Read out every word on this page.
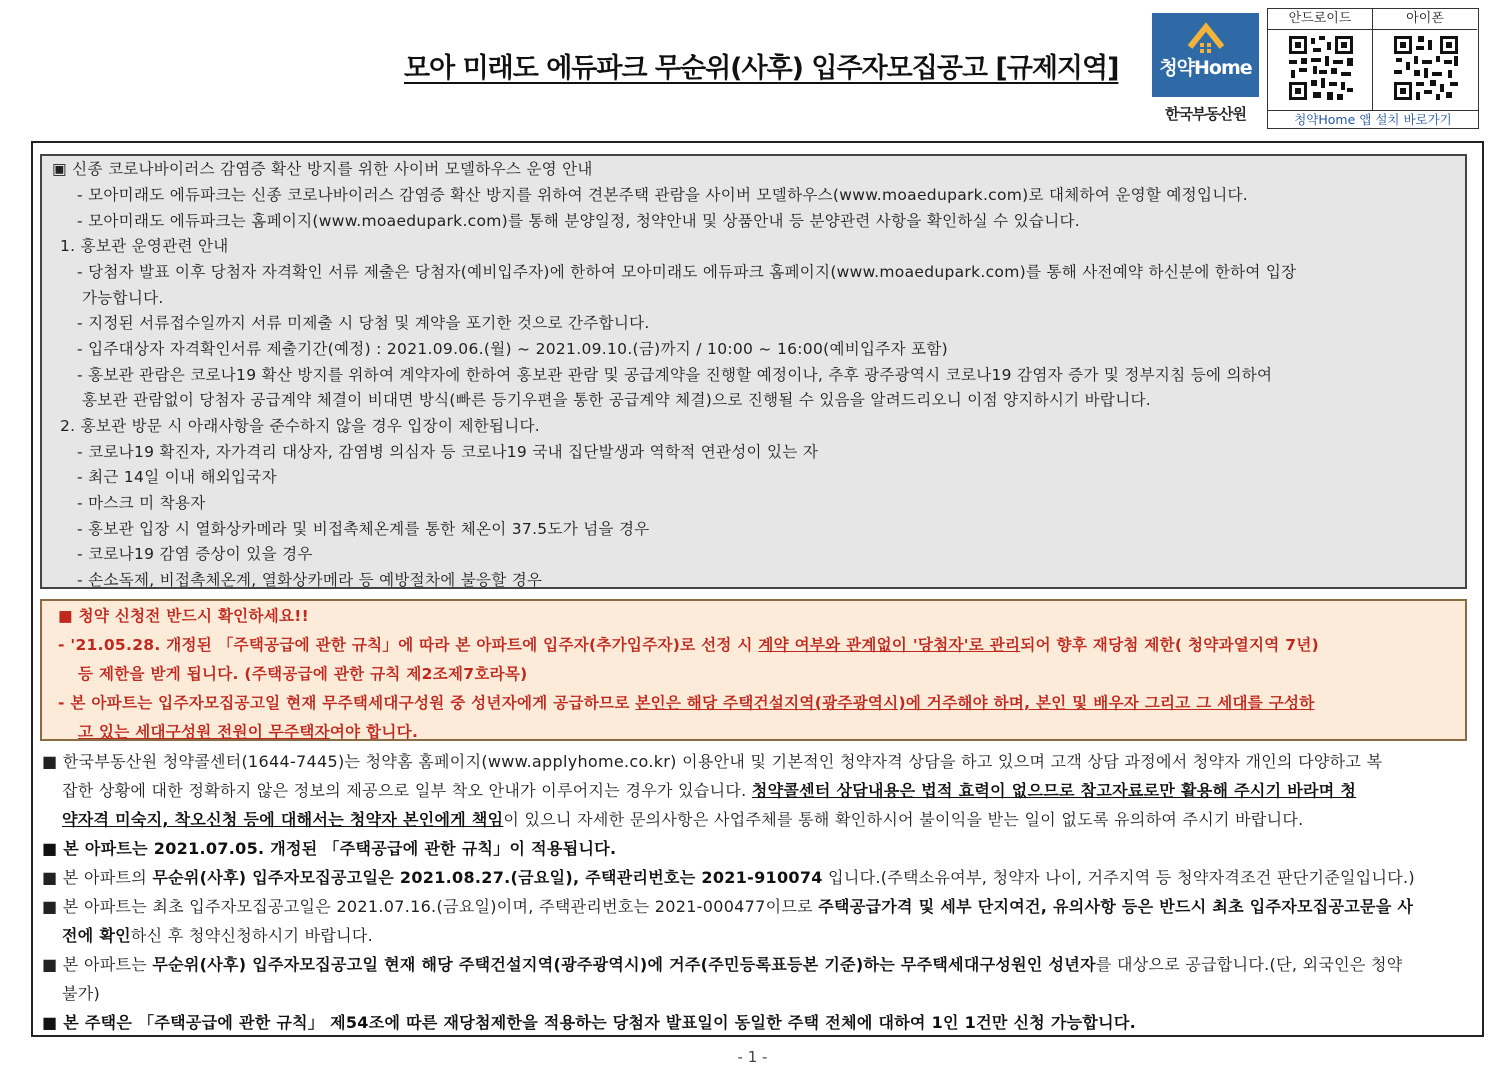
모아 미래도 에듀파크 무순위(사후) 입주자모집공고 [규제지역]	청약Home
한국부동산원
안드로이드	아이폰
청약Home 앱 설치 바로가기
▣ 신종 코로나바이러스 감염증 확산 방지를 위한 사이버 모델하우스 운영 안내
- 모아미래도 에듀파크는 신종 코로나바이러스 감염증 확산 방지를 위하여 견본주택 관람을 사이버 모델하우스(www.moaedupark.com)로 대체하여 운영할 예정입니다.
- 모아미래도 에듀파크는 홈페이지(www.moaedupark.com)를 통해 분양일정, 청약안내 및 상품안내 등 분양관련 사항을 확인하실 수 있습니다.
1. 홍보관 운영관련 안내
- 당첨자 발표 이후 당첨자 자격확인 서류 제출은 당첨자(예비입주자)에 한하여 모아미래도 에듀파크 홈페이지(www.moaedupark.com)를 통해 사전예약 하신분에 한하여 입장
가능합니다.
- 지정된 서류접수일까지 서류 미제출 시 당첨 및 계약을 포기한 것으로 간주합니다.
- 입주대상자 자격확인서류 제출기간(예정) : 2021.09.06.(월) ~ 2021.09.10.(금)까지 / 10:00 ~ 16:00(예비입주자 포함)
- 홍보관 관람은 코로나19 확산 방지를 위하여 계약자에 한하여 홍보관 관람 및 공급계약을 진행할 예정이나, 추후 광주광역시 코로나19 감염자 증가 및 정부지침 등에 의하여
홍보관 관람없이 당첨자 공급계약 체결이 비대면 방식(빠른 등기우편을 통한 공급계약 체결)으로 진행될 수 있음을 알려드리오니 이점 양지하시기 바랍니다.
2. 홍보관 방문 시 아래사항을 준수하지 않을 경우 입장이 제한됩니다.
- 코로나19 확진자, 자가격리 대상자, 감염병 의심자 등 코로나19 국내 집단발생과 역학적 연관성이 있는 자
- 최근 14일 이내 해외입국자
- 마스크 미 착용자
- 홍보관 입장 시 열화상카메라 및 비접촉체온계를 통한 체온이 37.5도가 넘을 경우
- 코로나19 감염 증상이 있을 경우
- 손소독제, 비접촉체온계, 열화상카메라 등 예방절차에 불응할 경우
■ 청약 신청전 반드시 확인하세요!!
- '21.05.28. 개정된 「주택공급에 관한 규칙」에 따라 본 아파트에 입주자(추가입주자)로 선정 시 계약 여부와 관계없이 '당첨자'로 관리되어 향후 재당첨 제한( 청약과열지역 7년)
등 제한을 받게 됩니다. (주택공급에 관한 규칙 제2조제7호라목)
- 본 아파트는 입주자모집공고일 현재 무주택세대구성원 중 성년자에게 공급하므로 본인은 해당 주택건설지역(광주광역시)에 거주해야 하며, 본인 및 배우자 그리고 그 세대를 구성하
고 있는 세대구성원 전원이 무주택자여야 합니다.
■ 한국부동산원 청약콜센터(1644-7445)는 청약홈 홈페이지(www.applyhome.co.kr) 이용안내 및 기본적인 청약자격 상담을 하고 있으며 고객 상담 과정에서 청약자 개인의 다양하고 복
잡한 상황에 대한 정확하지 않은 정보의 제공으로 일부 착오 안내가 이루어지는 경우가 있습니다. 청약콜센터 상담내용은 법적 효력이 없으므로 참고자료로만 활용해 주시기 바라며 청
약자격 미숙지, 착오신청 등에 대해서는 청약자 본인에게 책임이 있으니 자세한 문의사항은 사업주체를 통해 확인하시어 불이익을 받는 일이 없도록 유의하여 주시기 바랍니다.
■ 본 아파트는 2021.07.05. 개정된 「주택공급에 관한 규칙」이 적용됩니다.
■ 본 아파트의 무순위(사후) 입주자모집공고일은 2021.08.27.(금요일), 주택관리번호는 2021-910074 입니다.(주택소유여부, 청약자 나이, 거주지역 등 청약자격조건 판단기준일입니다.)
■ 본 아파트는 최초 입주자모집공고일은 2021.07.16.(금요일)이며, 주택관리번호는 2021-000477이므로 주택공급가격 및 세부 단지여건, 유의사항 등은 반드시 최초 입주자모집공고문을 사
전에 확인하신 후 청약신청하시기 바랍니다.
■ 본 아파트는 무순위(사후) 입주자모집공고일 현재 해당 주택건설지역(광주광역시)에 거주(주민등록표등본 기준)하는 무주택세대구성원인 성년자를 대상으로 공급합니다.(단, 외국인은 청약
불가)
■ 본 주택은 「주택공급에 관한 규칙」 제54조에 따른 재당첨제한을 적용하는 당첨자 발표일이 동일한 주택 전체에 대하여 1인 1건만 신청 가능합니다.
- 1 -
